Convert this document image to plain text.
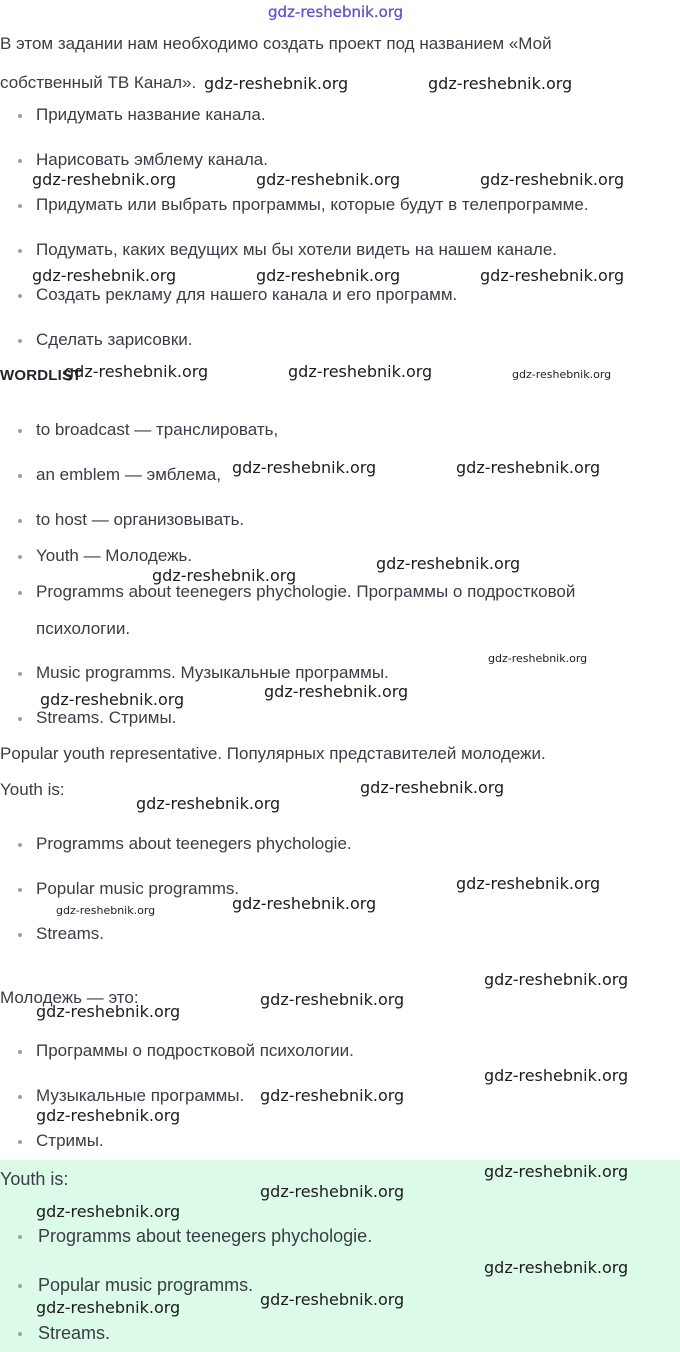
gdz-reshebnik.org
В этом задании нам необходимо создать проект под названием «Мой
собственный ТВ Канал».
Придумать название канала.
Нарисовать эмблему канала.
Придумать или выбрать программы, которые будут в телепрограмме.
Подумать, каких ведущих мы бы хотели видеть на нашем канале.
Создать рекламу для нашего канала и его программ.
Сделать зарисовки.
WORDLIST
to broadcast — транслировать,
an emblem — эмблема,
to host — организовывать.
Youth — Молодежь.
Programms about teenegers phychologie. Программы о подростковой
психологии.
Music programms. Музыкальные программы.
Streams. Стримы.
Popular youth representative. Популярных представителей молодежи.
Youth is:
Programms about teenegers phychologie.
Popular music programms.
Streams.
Молодежь — это:
Программы о подростковой психологии.
Музыкальные программы.
Стримы.
Youth is:
Programms about teenegers phychologie.
Popular music programms.
Streams.
gdz-reshebnik.org	gdz-reshebnik.org
gdz-reshebnik.org	gdz-reshebnik.org	gdz-reshebnik.org
gdz-reshebnik.org	gdz-reshebnik.org	gdz-reshebnik.org
gdz-reshebnik.org	gdz-reshebnik.org	gdz-reshebnik.org
gdz-reshebnik.org	gdz-reshebnik.org
gdz-reshebnik.org
gdz-reshebnik.org
gdz-reshebnik.org
gdz-reshebnik.org
gdz-reshebnik.org
gdz-reshebnik.org
gdz-reshebnik.org
gdz-reshebnik.org
gdz-reshebnik.org
gdz-reshebnik.org
gdz-reshebnik.org
gdz-reshebnik.org
gdz-reshebnik.org
gdz-reshebnik.org
gdz-reshebnik.org
gdz-reshebnik.org
gdz-reshebnik.org
gdz-reshebnik.org
gdz-reshebnik.org
gdz-reshebnik.org
gdz-reshebnik.org
gdz-reshebnik.org
